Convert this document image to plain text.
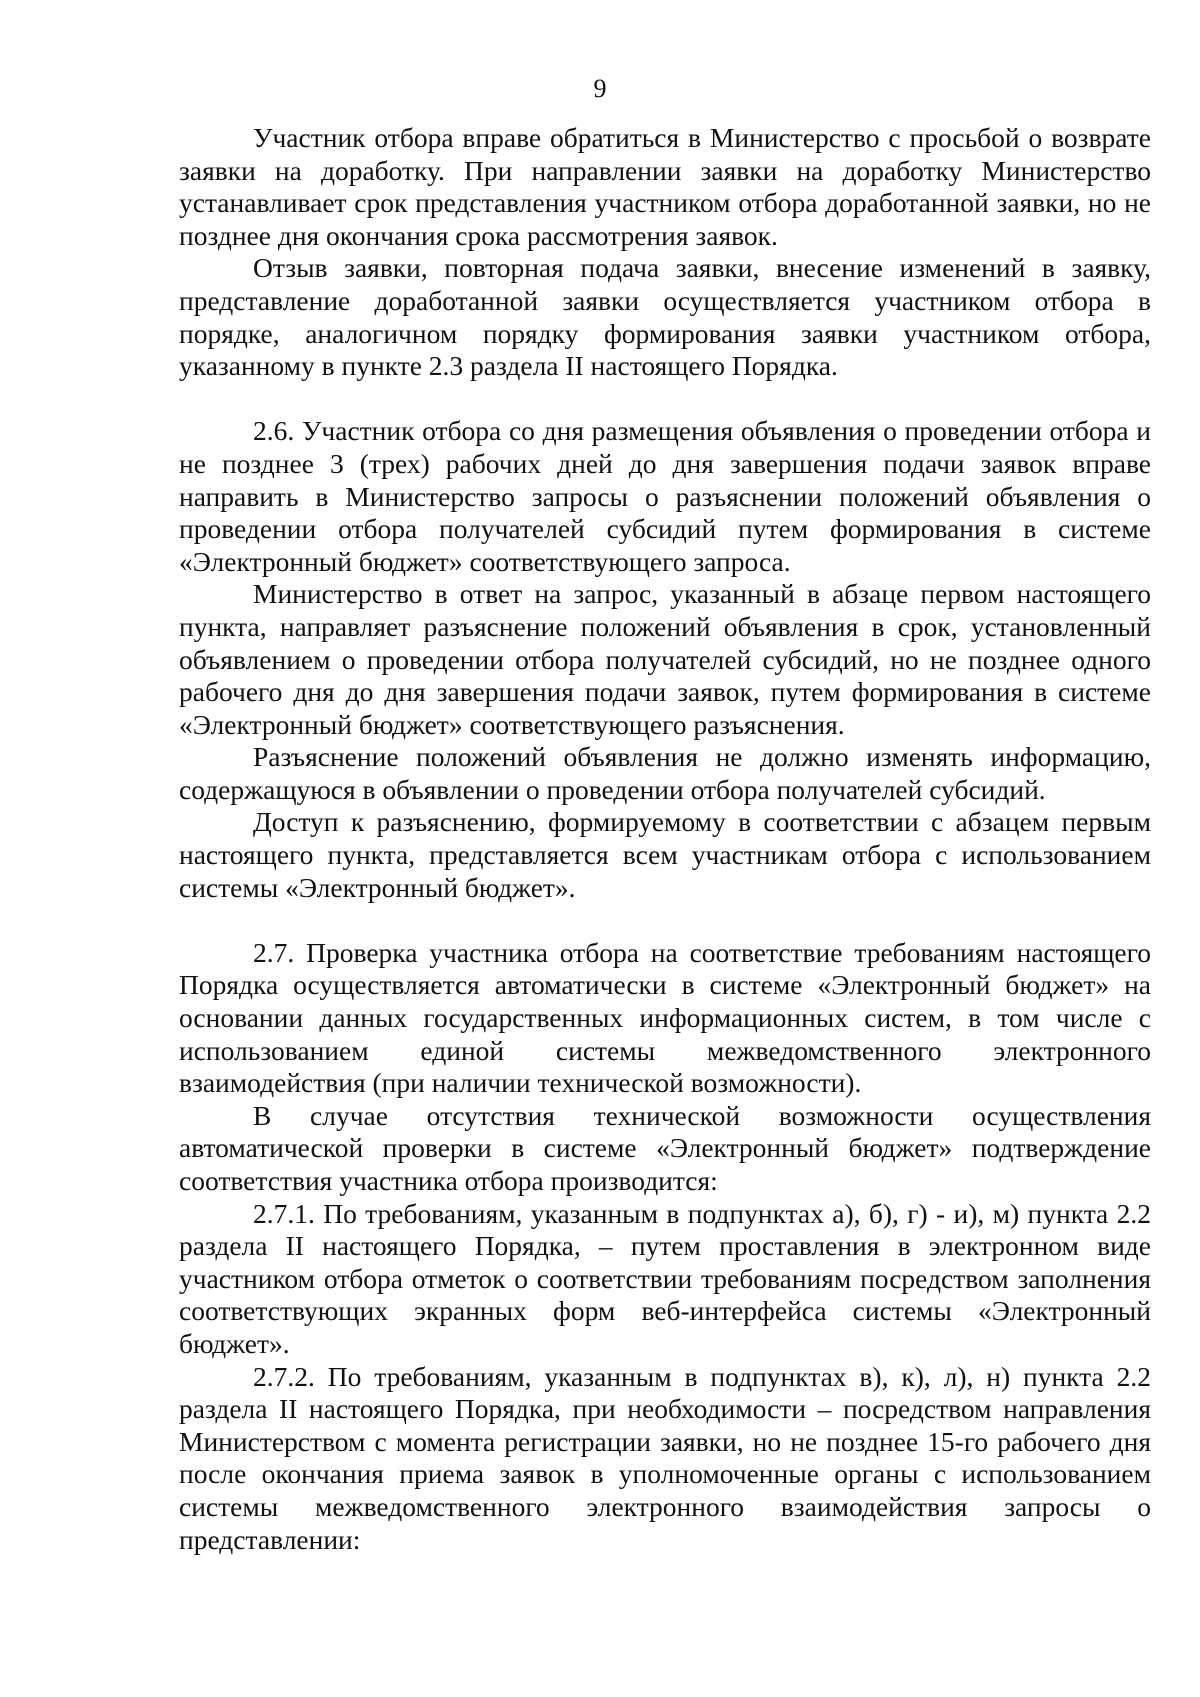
9

Участник отбора вправе обратиться в Министерство с просьбой о возврате заявки на доработку. При направлении заявки на доработку Министерство устанавливает срок представления участником отбора доработанной заявки, но не позднее дня окончания срока рассмотрения заявок.

Отзыв заявки, повторная подача заявки, внесение изменений в заявку, представление доработанной заявки осуществляется участником отбора в порядке, аналогичном порядку формирования заявки участником отбора, указанному в пункте 2.3 раздела II настоящего Порядка.

2.6. Участник отбора со дня размещения объявления о проведении отбора и не позднее 3 (трех) рабочих дней до дня завершения подачи заявок вправе направить в Министерство запросы о разъяснении положений объявления о проведении отбора получателей субсидий путем формирования в системе «Электронный бюджет» соответствующего запроса.

Министерство в ответ на запрос, указанный в абзаце первом настоящего пункта, направляет разъяснение положений объявления в срок, установленный объявлением о проведении отбора получателей субсидий, но не позднее одного рабочего дня до дня завершения подачи заявок, путем формирования в системе «Электронный бюджет» соответствующего разъяснения.

Разъяснение положений объявления не должно изменять информацию, содержащуюся в объявлении о проведении отбора получателей субсидий.

Доступ к разъяснению, формируемому в соответствии с абзацем первым настоящего пункта, представляется всем участникам отбора с использованием системы «Электронный бюджет».

2.7. Проверка участника отбора на соответствие требованиям настоящего Порядка осуществляется автоматически в системе «Электронный бюджет» на основании данных государственных информационных систем, в том числе с использованием единой системы межведомственного электронного взаимодействия (при наличии технической возможности).

В случае отсутствия технической возможности осуществления автоматической проверки в системе «Электронный бюджет» подтверждение соответствия участника отбора производится:

2.7.1. По требованиям, указанным в подпунктах а), б), г) - и), м) пункта 2.2 раздела II настоящего Порядка, – путем проставления в электронном виде участником отбора отметок о соответствии требованиям посредством заполнения соответствующих экранных форм веб-интерфейса системы «Электронный бюджет».

2.7.2. По требованиям, указанным в подпунктах в), к), л), н) пункта 2.2 раздела II настоящего Порядка, при необходимости – посредством направления Министерством с момента регистрации заявки, но не позднее 15-го рабочего дня после окончания приема заявок в уполномоченные органы с использованием системы межведомственного электронного взаимодействия запросы о представлении:
